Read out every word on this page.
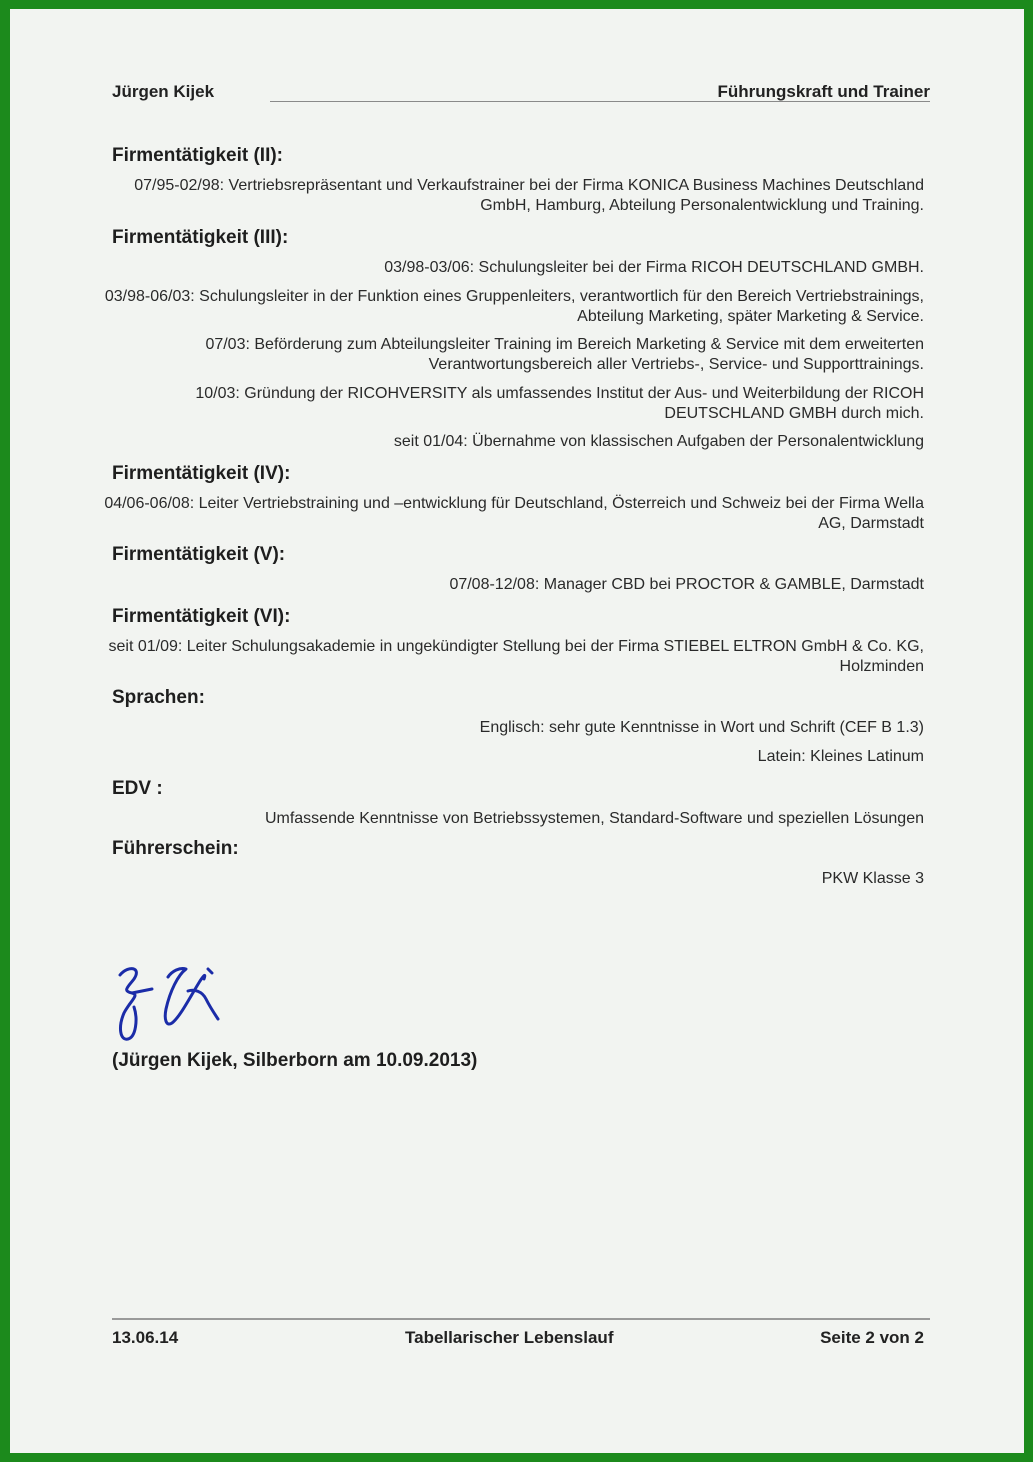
Jürgen Kijek	Führungskraft und Trainer
Firmentätigkeit (II):
07/95-02/98: Vertriebsrepräsentant und Verkaufstrainer bei der Firma KONICA Business Machines Deutschland GmbH, Hamburg, Abteilung Personalentwicklung und Training.
Firmentätigkeit (III):
03/98-03/06: Schulungsleiter bei der Firma RICOH DEUTSCHLAND GMBH.
03/98-06/03: Schulungsleiter in der Funktion eines Gruppenleiters, verantwortlich für den Bereich Vertriebstrainings, Abteilung Marketing, später Marketing & Service.
07/03: Beförderung zum Abteilungsleiter Training im Bereich Marketing & Service mit dem erweiterten Verantwortungsbereich aller Vertriebs-, Service- und Supporttrainings.
10/03: Gründung der RICOHVERSITY als umfassendes Institut der Aus- und Weiterbildung der RICOH DEUTSCHLAND GMBH durch mich.
seit 01/04: Übernahme von klassischen Aufgaben der Personalentwicklung
Firmentätigkeit (IV):
04/06-06/08: Leiter Vertriebstraining und –entwicklung für Deutschland, Österreich und Schweiz bei der Firma Wella AG, Darmstadt
Firmentätigkeit (V):
07/08-12/08: Manager CBD bei PROCTOR & GAMBLE, Darmstadt
Firmentätigkeit (VI):
seit 01/09: Leiter Schulungsakademie in ungekündigter Stellung bei der Firma STIEBEL ELTRON GmbH & Co. KG, Holzminden
Sprachen:
Englisch: sehr gute Kenntnisse in Wort und Schrift (CEF B 1.3)
Latein: Kleines Latinum
EDV :
Umfassende Kenntnisse von Betriebssystemen, Standard-Software und speziellen Lösungen
Führerschein:
PKW Klasse 3
(Jürgen Kijek, Silberborn am 10.09.2013)
13.06.14	Tabellarischer Lebenslauf	Seite 2 von 2
